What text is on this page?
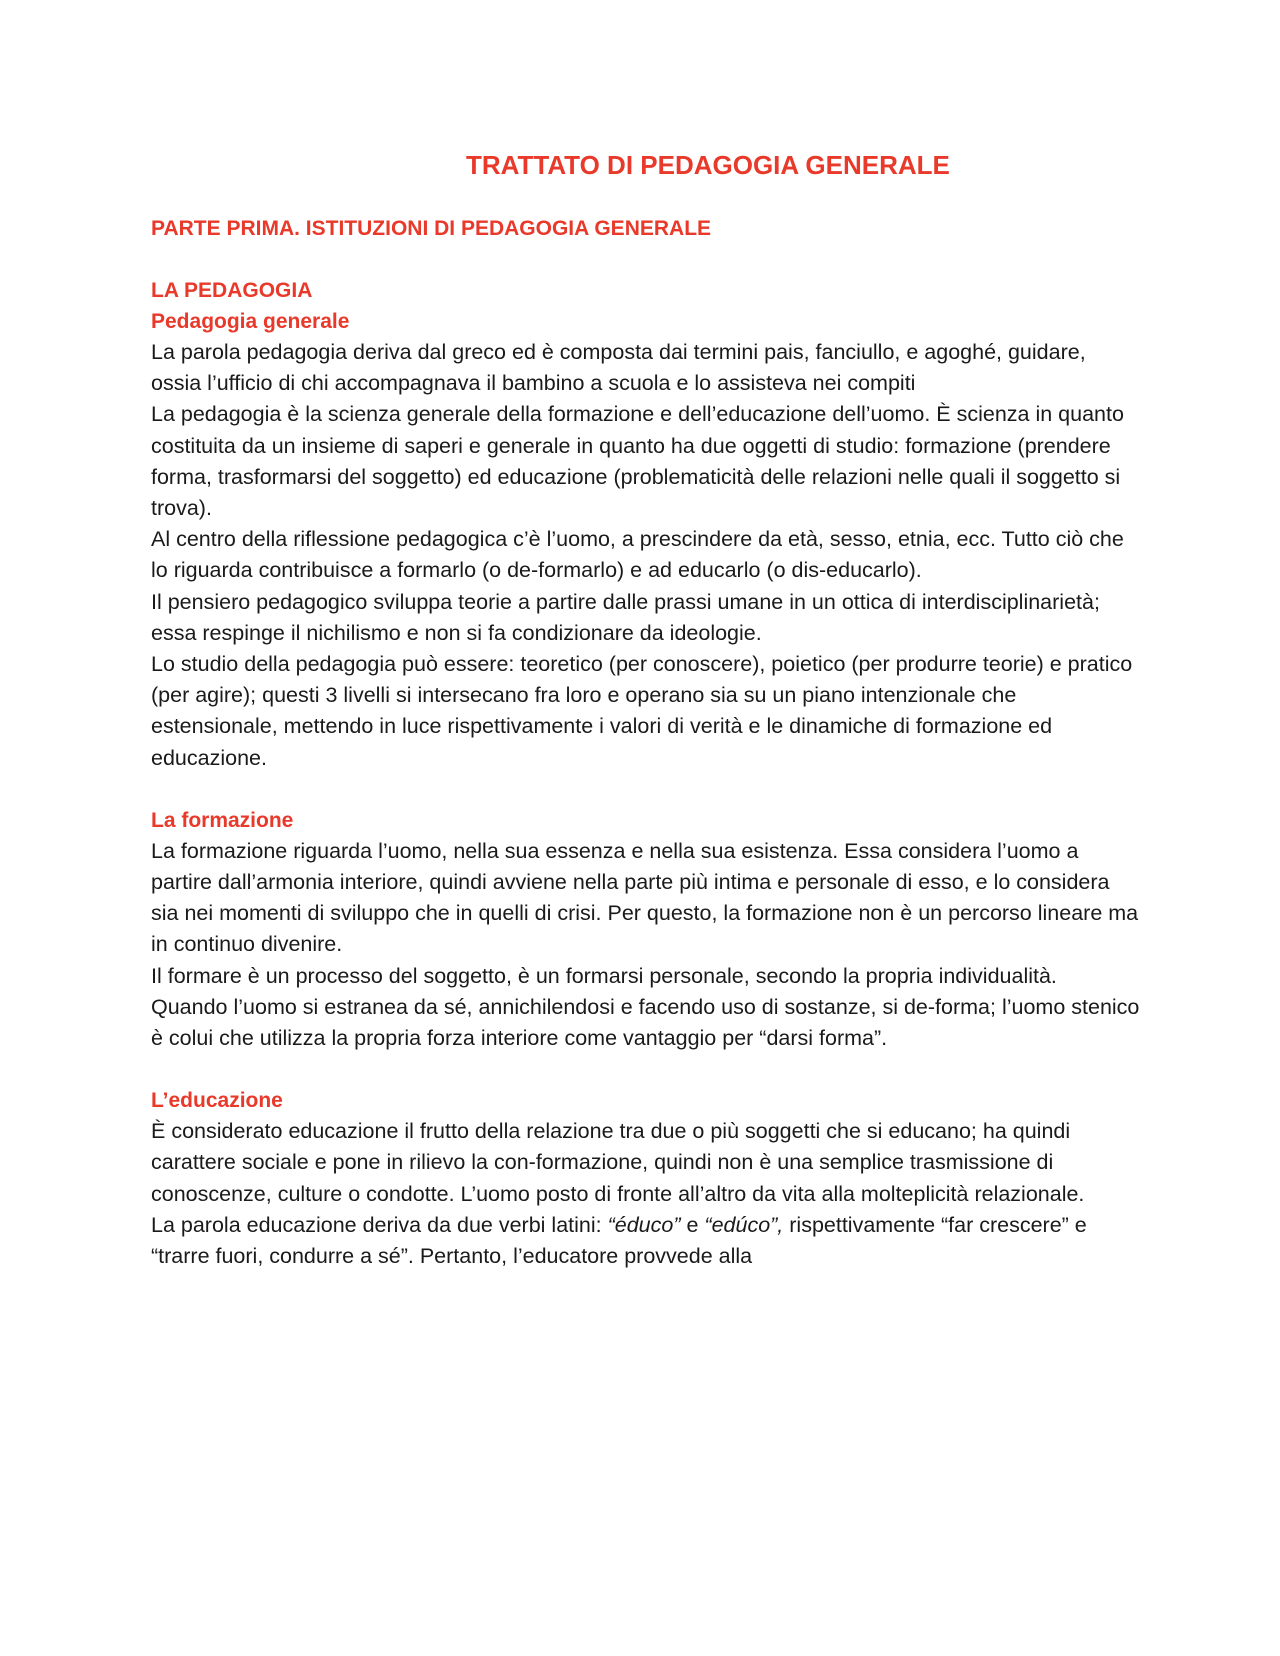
TRATTATO DI PEDAGOGIA GENERALE
PARTE PRIMA. ISTITUZIONI DI PEDAGOGIA GENERALE
LA PEDAGOGIA
Pedagogia generale

La parola pedagogia deriva dal greco ed è composta dai termini pais, fanciullo, e agoghé, guidare, ossia l’ufficio di chi accompagnava il bambino a scuola e lo assisteva nei compiti

La pedagogia è la scienza generale della formazione e dell’educazione dell’uomo. È scienza in quanto costituita da un insieme di saperi e generale in quanto ha due oggetti di studio: formazione (prendere forma, trasformarsi del soggetto) ed educazione (problematicità delle relazioni nelle quali il soggetto si trova).

Al centro della riflessione pedagogica c’è l’uomo, a prescindere da età, sesso, etnia, ecc. Tutto ciò che lo riguarda contribuisce a formarlo (o de-formarlo) e ad educarlo (o dis-educarlo).

Il pensiero pedagogico sviluppa teorie a partire dalle prassi umane in un ottica di interdisciplinarietà; essa respinge il nichilismo e non si fa condizionare da ideologie.

Lo studio della pedagogia può essere: teoretico (per conoscere), poietico (per produrre teorie) e pratico (per agire); questi 3 livelli si intersecano fra loro e operano sia su un piano intenzionale che estensionale, mettendo in luce rispettivamente i valori di verità e le dinamiche di formazione ed educazione.

La formazione

La formazione riguarda l’uomo, nella sua essenza e nella sua esistenza. Essa considera l’uomo a partire dall’armonia interiore, quindi avviene nella parte più intima e personale di esso, e lo considera sia nei momenti di sviluppo che in quelli di crisi. Per questo, la formazione non è un percorso lineare ma in continuo divenire.

Il formare è un processo del soggetto, è un formarsi personale, secondo la propria individualità.

Quando l’uomo si estranea da sé, annichilendosi e facendo uso di sostanze, si de-forma; l’uomo stenico è colui che utilizza la propria forza interiore come vantaggio per “darsi forma”.

L’educazione

È considerato educazione il frutto della relazione tra due o più soggetti che si educano; ha quindi carattere sociale e pone in rilievo la con-formazione, quindi non è una semplice trasmissione di conoscenze, culture o condotte. L’uomo posto di fronte all’altro da vita alla molteplicità relazionale.

La parola educazione deriva da due verbi latini: “éduco” e “edúco”, rispettivamente “far crescere” e “trarre fuori, condurre a sé”. Pertanto, l’educatore provvede alla
